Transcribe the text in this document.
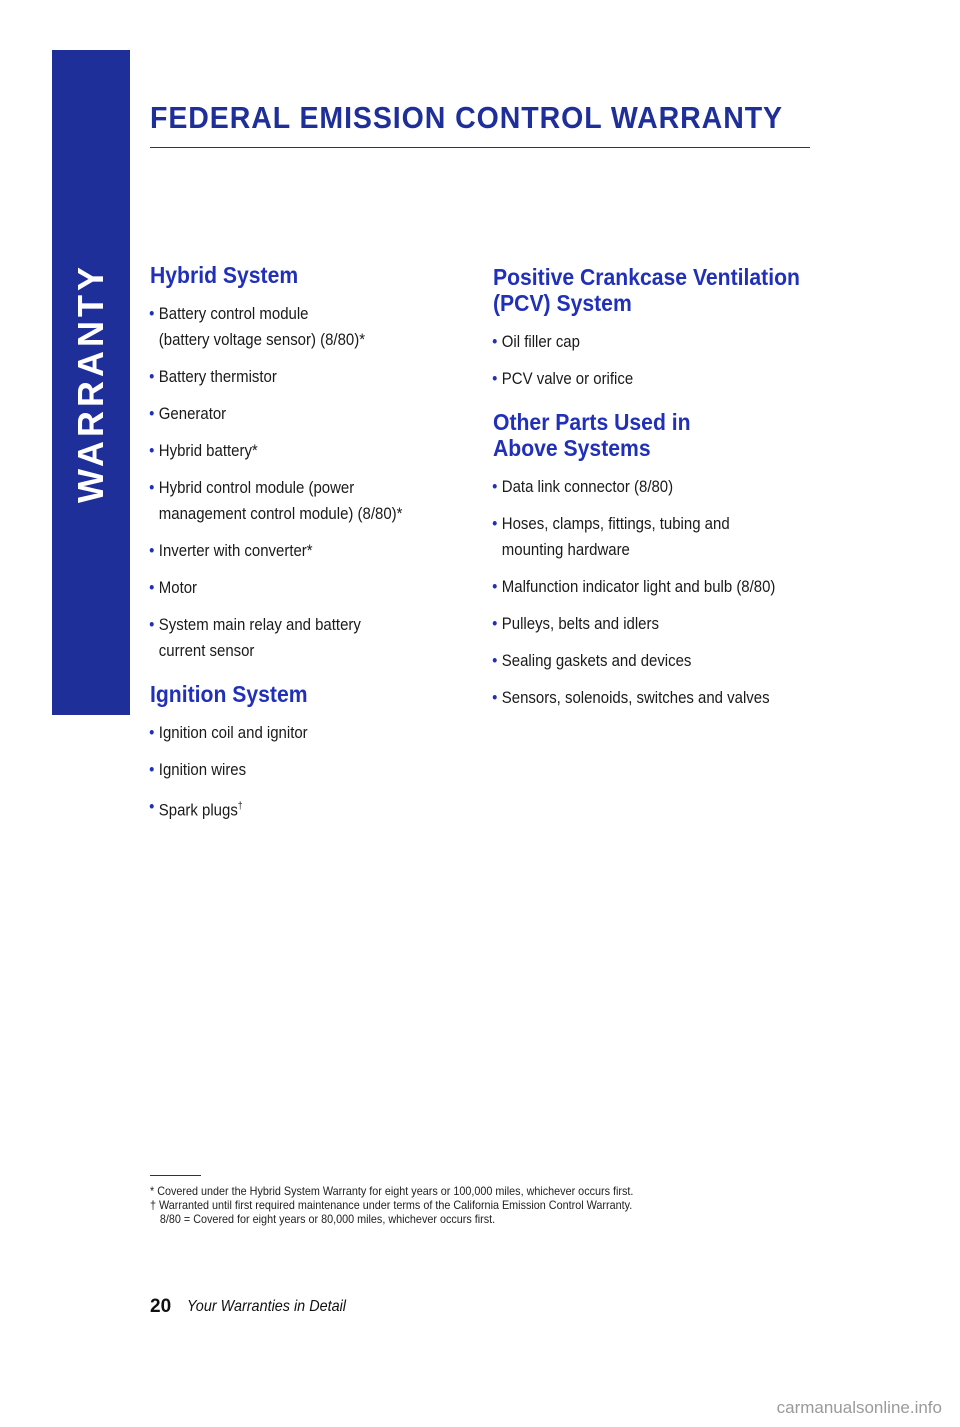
WARRANTY
FEDERAL EMISSION CONTROL WARRANTY
Hybrid System
• Battery control module
(battery voltage sensor) (8/80)*
• Battery thermistor
• Generator
• Hybrid battery*
• Hybrid control module (power
management control module) (8/80)*
• Inverter with converter*
• Motor
• System main relay and battery
current sensor
Ignition System
• Ignition coil and ignitor
• Ignition wires
• Spark plugs†
Positive Crankcase Ventilation
(PCV) System
• Oil filler cap
• PCV valve or orifice
Other Parts Used in
Above Systems
• Data link connector (8/80)
• Hoses, clamps, fittings, tubing and
mounting hardware
• Malfunction indicator light and bulb (8/80)
• Pulleys, belts and idlers
• Sealing gaskets and devices
• Sensors, solenoids, switches and valves
* Covered under the Hybrid System Warranty for eight years or 100,000 miles, whichever occurs first.
† Warranted until first required maintenance under terms of the California Emission Control Warranty.
8/80 = Covered for eight years or 80,000 miles, whichever occurs first.
20 Your Warranties in Detail
carmanualsonline.info
